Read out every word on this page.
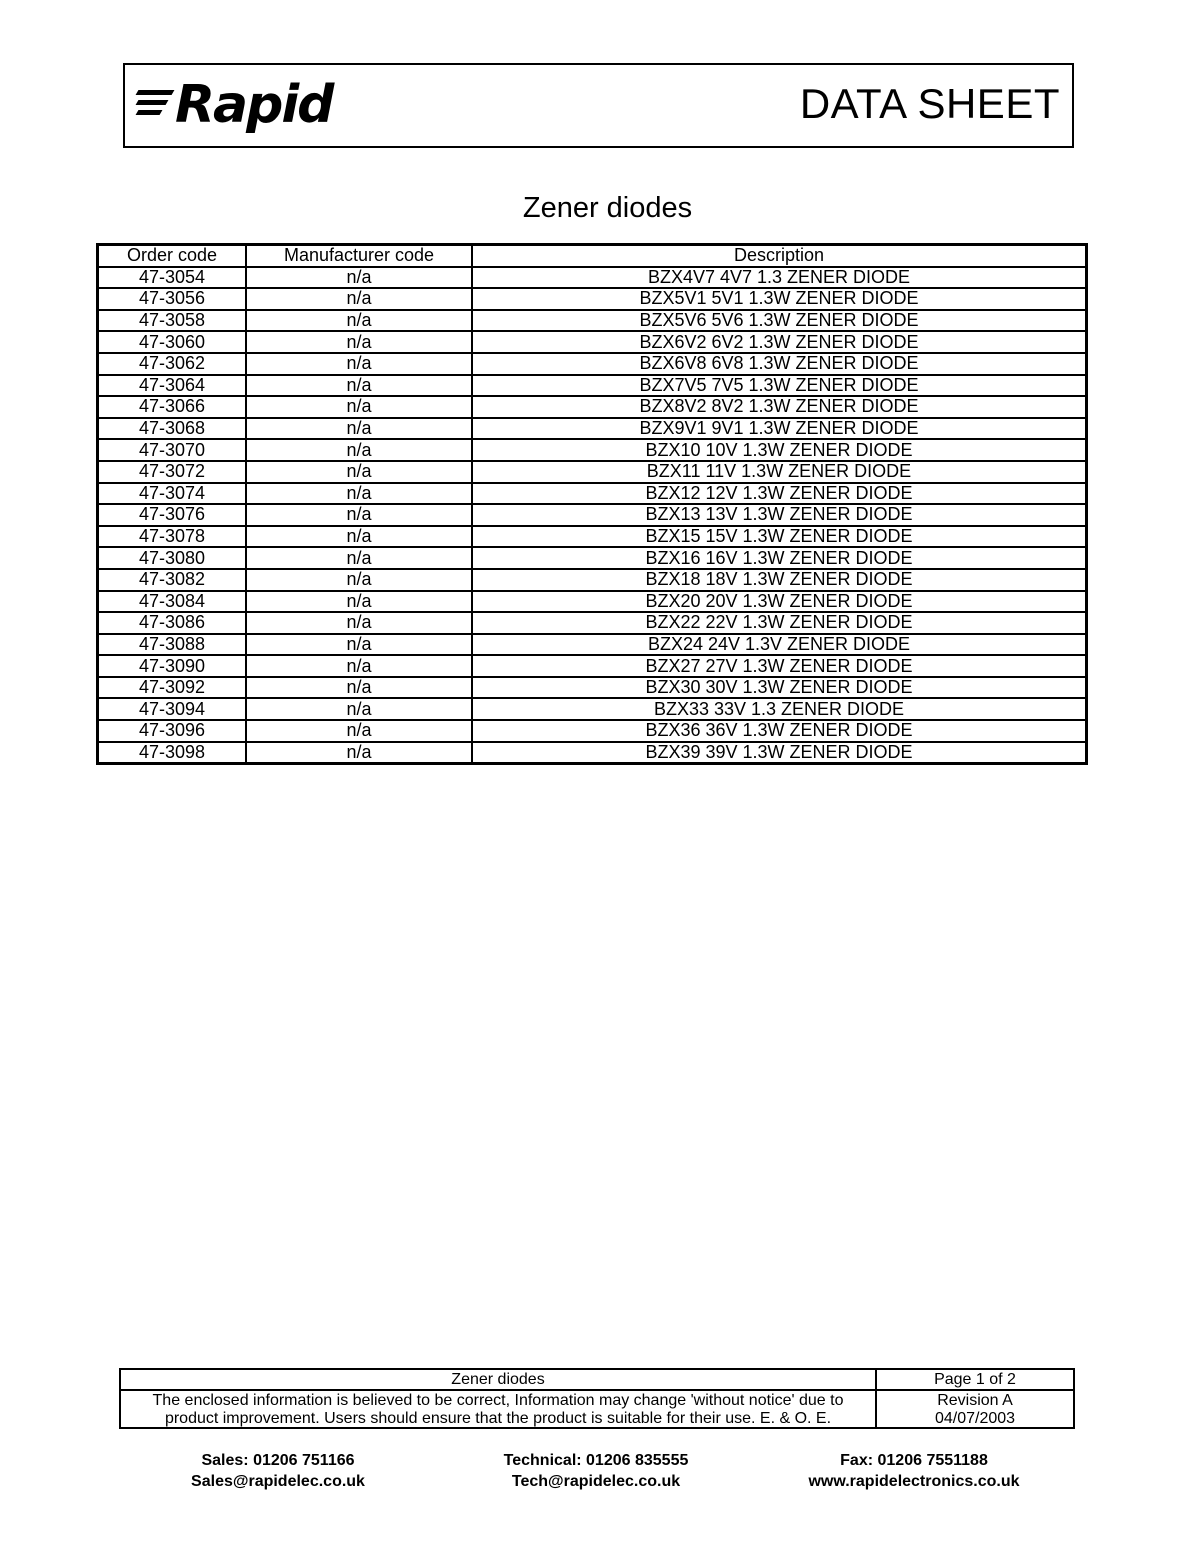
Rapid	DATA SHEET
Zener diodes
Order code	Manufacturer code	Description
47-3054	n/a	BZX4V7 4V7 1.3 ZENER DIODE
47-3056	n/a	BZX5V1 5V1 1.3W ZENER DIODE
47-3058	n/a	BZX5V6 5V6 1.3W ZENER DIODE
47-3060	n/a	BZX6V2 6V2 1.3W ZENER DIODE
47-3062	n/a	BZX6V8 6V8 1.3W ZENER DIODE
47-3064	n/a	BZX7V5 7V5 1.3W ZENER DIODE
47-3066	n/a	BZX8V2 8V2 1.3W ZENER DIODE
47-3068	n/a	BZX9V1 9V1 1.3W ZENER DIODE
47-3070	n/a	BZX10 10V 1.3W ZENER DIODE
47-3072	n/a	BZX11 11V 1.3W ZENER DIODE
47-3074	n/a	BZX12 12V 1.3W ZENER DIODE
47-3076	n/a	BZX13 13V 1.3W ZENER DIODE
47-3078	n/a	BZX15 15V 1.3W ZENER DIODE
47-3080	n/a	BZX16 16V 1.3W ZENER DIODE
47-3082	n/a	BZX18 18V 1.3W ZENER DIODE
47-3084	n/a	BZX20 20V 1.3W ZENER DIODE
47-3086	n/a	BZX22 22V 1.3W ZENER DIODE
47-3088	n/a	BZX24 24V 1.3V ZENER DIODE
47-3090	n/a	BZX27 27V 1.3W ZENER DIODE
47-3092	n/a	BZX30 30V 1.3W ZENER DIODE
47-3094	n/a	BZX33 33V 1.3 ZENER DIODE
47-3096	n/a	BZX36 36V 1.3W ZENER DIODE
47-3098	n/a	BZX39 39V 1.3W ZENER DIODE
Zener diodes
The enclosed information is believed to be correct, Information may change 'without notice' due to
product improvement. Users should ensure that the product is suitable for their use. E. & O. E.
Page 1 of 2
Revision A
04/07/2003
Sales: 01206 751166
Sales@rapidelec.co.uk
Technical: 01206 835555
Tech@rapidelec.co.uk
Fax: 01206 7551188
www.rapidelectronics.co.uk
